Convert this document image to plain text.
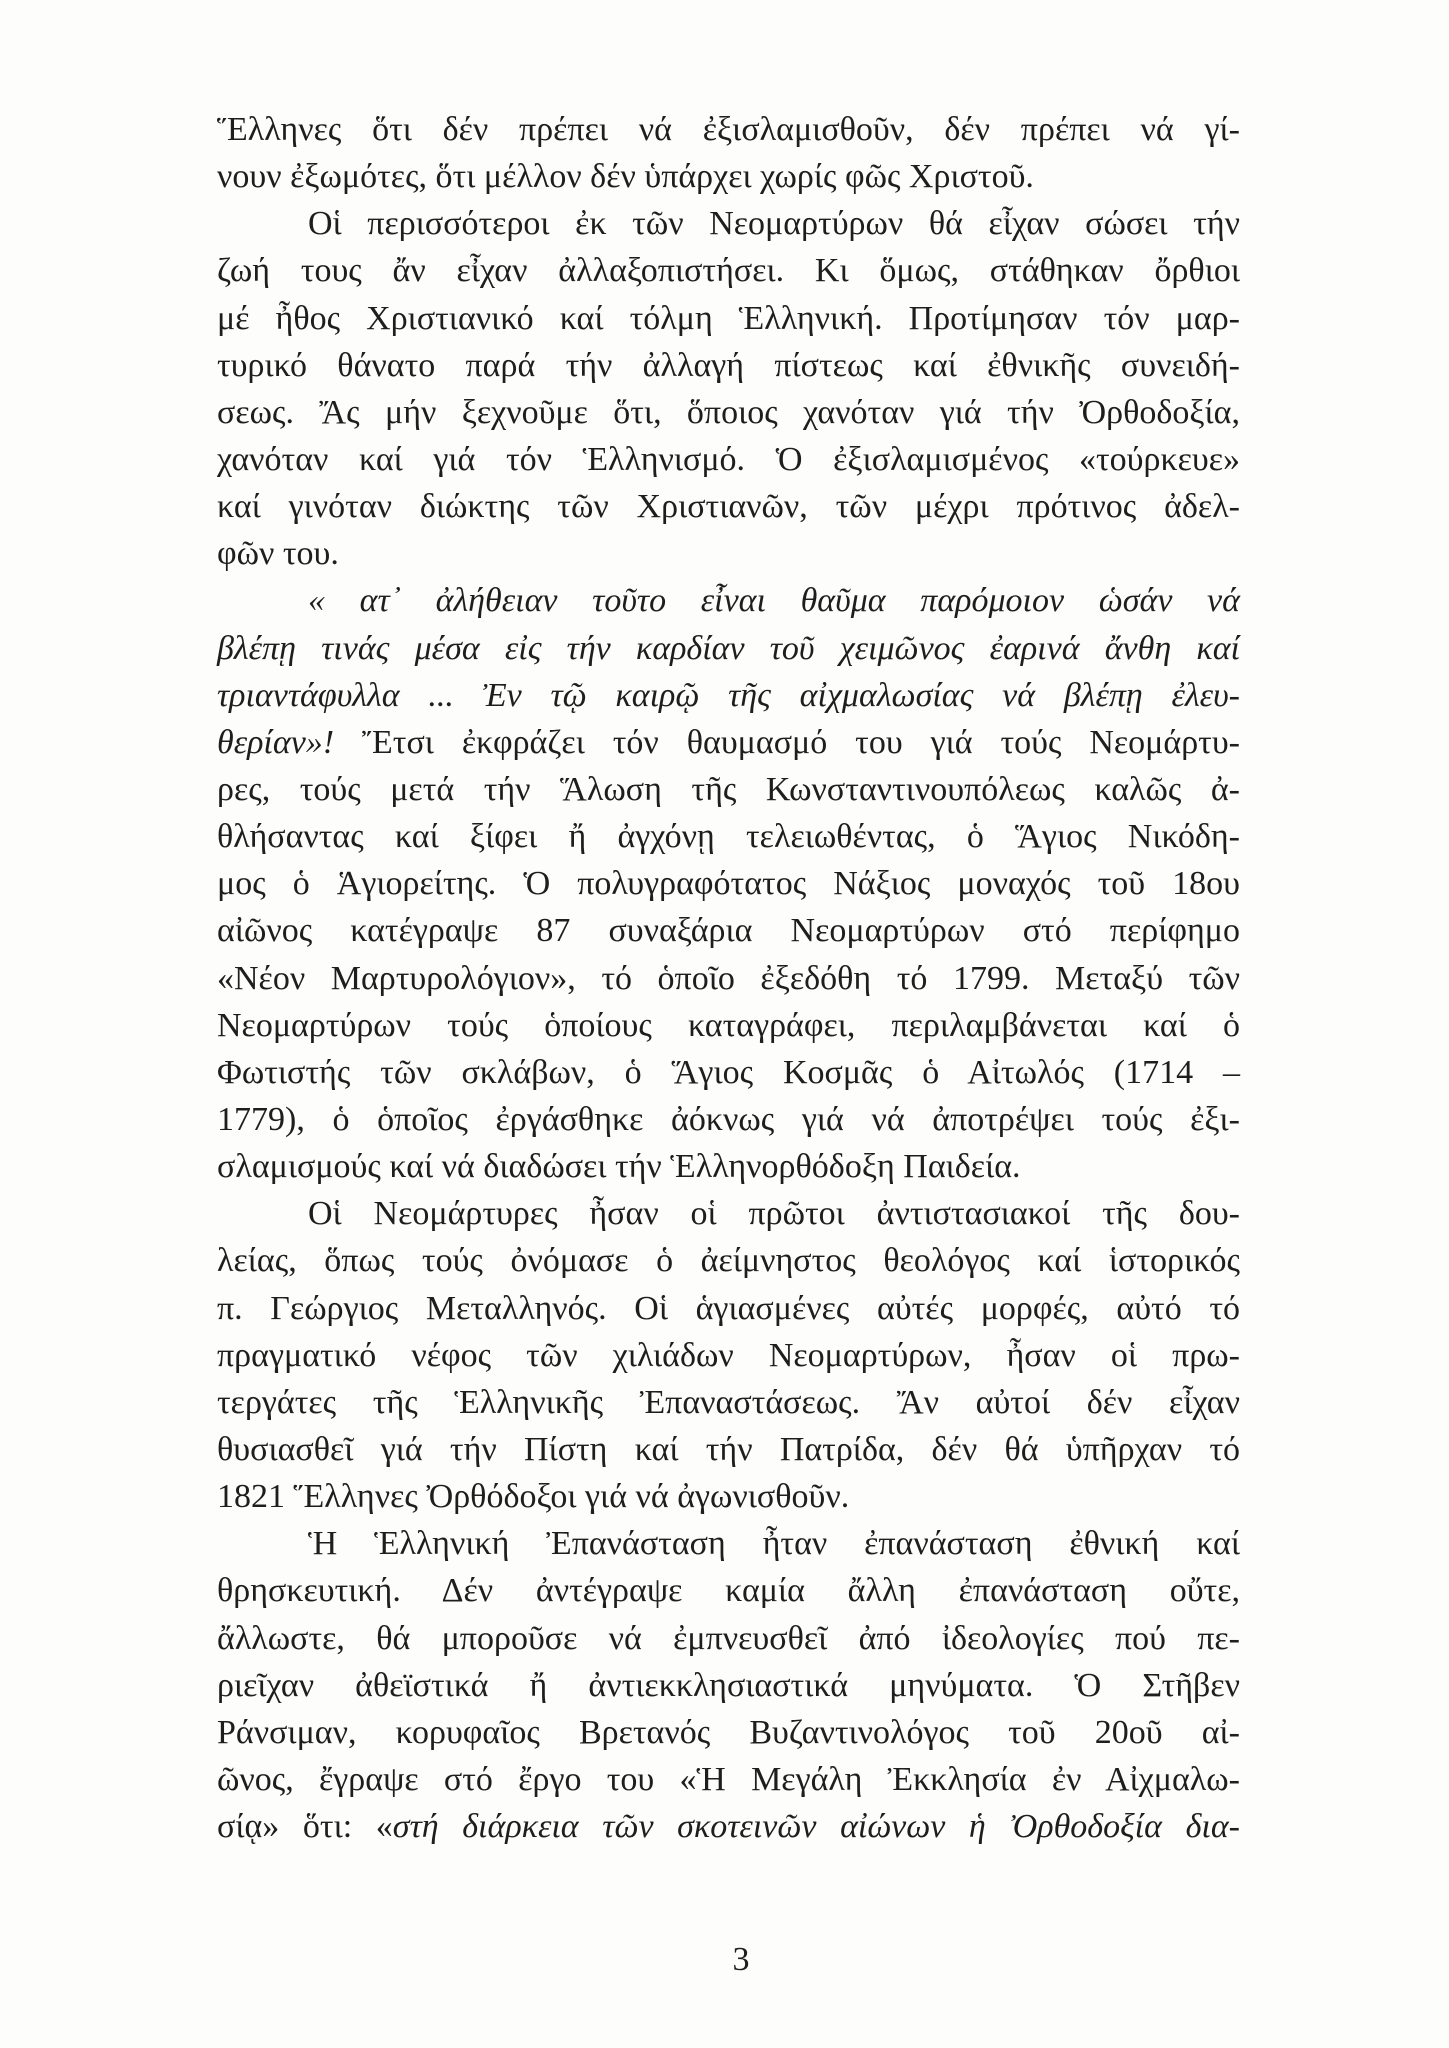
Ἕλληνες ὅτι δέν πρέπει νά ἐξισλαμισθοῦν, δέν πρέπει νά γί-
νουν ἐξωμότες, ὅτι μέλλον δέν ὑπάρχει χωρίς φῶς Χριστοῦ.
Οἱ περισσότεροι ἐκ τῶν Νεομαρτύρων θά εἶχαν σώσει τήν
ζωή τους ἄν εἶχαν ἀλλαξοπιστήσει. Κι ὅμως, στάθηκαν ὄρθιοι
μέ ἦθος Χριστιανικό καί τόλμη Ἑλληνική. Προτίμησαν τόν μαρ-
τυρικό θάνατο παρά τήν ἀλλαγή πίστεως καί ἐθνικῆς συνειδή-
σεως. Ἄς μήν ξεχνοῦμε ὅτι, ὅποιος χανόταν γιά τήν Ὀρθοδοξία,
χανόταν καί γιά τόν Ἑλληνισμό. Ὁ ἐξισλαμισμένος «τούρκευε»
καί γινόταν διώκτης τῶν Χριστιανῶν, τῶν μέχρι πρότινος ἀδελ-
φῶν του.
« ατ᾽ ἀλήθειαν τοῦτο εἶναι θαῦμα παρόμοιον ὡσάν νά
βλέπῃ τινάς μέσα εἰς τήν καρδίαν τοῦ χειμῶνος ἐαρινά ἄνθη καί
τριαντάφυλλα ... Ἐν τῷ καιρῷ τῆς αἰχμαλωσίας νά βλέπῃ ἐλευ-
θερίαν»! Ἔτσι ἐκφράζει τόν θαυμασμό του γιά τούς Νεομάρτυ-
ρες, τούς μετά τήν Ἅλωση τῆς Κωνσταντινουπόλεως καλῶς ἀ-
θλήσαντας καί ξίφει ἤ ἀγχόνῃ τελειωθέντας, ὁ Ἅγιος Νικόδη-
μος ὁ Ἁγιορείτης. Ὁ πολυγραφότατος Νάξιος μοναχός τοῦ 18ου
αἰῶνος κατέγραψε 87 συναξάρια Νεομαρτύρων στό περίφημο
«Νέον Μαρτυρολόγιον», τό ὁποῖο ἐξεδόθη τό 1799. Μεταξύ τῶν
Νεομαρτύρων τούς ὁποίους καταγράφει, περιλαμβάνεται καί ὁ
Φωτιστής τῶν σκλάβων, ὁ Ἅγιος Κοσμᾶς ὁ Αἰτωλός (1714 –
1779), ὁ ὁποῖος ἐργάσθηκε ἀόκνως γιά νά ἀποτρέψει τούς ἐξι-
σλαμισμούς καί νά διαδώσει τήν Ἑλληνορθόδοξη Παιδεία.
Οἱ Νεομάρτυρες ἦσαν οἱ πρῶτοι ἀντιστασιακοί τῆς δου-
λείας, ὅπως τούς ὀνόμασε ὁ ἀείμνηστος θεολόγος καί ἱστορικός
π. Γεώργιος Μεταλληνός. Οἱ ἁγιασμένες αὐτές μορφές, αὐτό τό
πραγματικό νέφος τῶν χιλιάδων Νεομαρτύρων, ἦσαν οἱ πρω-
τεργάτες τῆς Ἑλληνικῆς Ἐπαναστάσεως. Ἄν αὐτοί δέν εἶχαν
θυσιασθεῖ γιά τήν Πίστη καί τήν Πατρίδα, δέν θά ὑπῆρχαν τό
1821 Ἕλληνες Ὀρθόδοξοι γιά νά ἀγωνισθοῦν.
Ἡ Ἑλληνική Ἐπανάσταση ἦταν ἐπανάσταση ἐθνική καί
θρησκευτική. Δέν ἀντέγραψε καμία ἄλλη ἐπανάσταση οὔτε,
ἄλλωστε, θά μποροῦσε νά ἐμπνευσθεῖ ἀπό ἰδεολογίες πού πε-
ριεῖχαν ἀθεϊστικά ἤ ἀντιεκκλησιαστικά μηνύματα. Ὁ Στῆβεν
Ράνσιμαν, κορυφαῖος Βρετανός Βυζαντινολόγος τοῦ 20οῦ αἰ-
ῶνος, ἔγραψε στό ἔργο του «Ἡ Μεγάλη Ἐκκλησία ἐν Αἰχμαλω-
σίᾳ» ὅτι: «στή διάρκεια τῶν σκοτεινῶν αἰώνων ἡ Ὀρθοδοξία δια-
3
